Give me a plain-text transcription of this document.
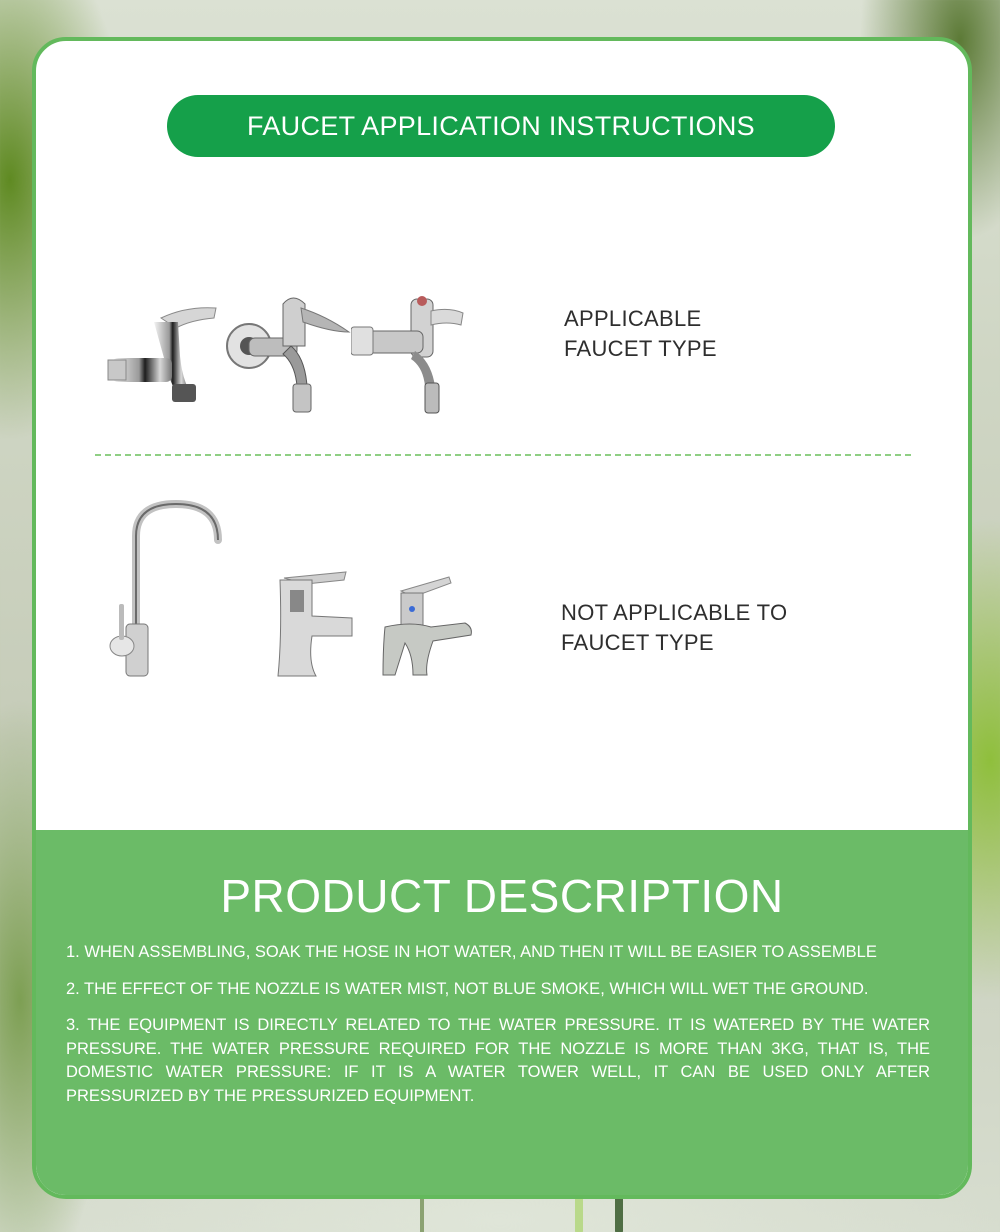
FAUCET APPLICATION INSTRUCTIONS
APPLICABLE
FAUCET TYPE
NOT APPLICABLE TO
FAUCET TYPE
PRODUCT DESCRIPTION

1. WHEN ASSEMBLING, SOAK THE HOSE IN HOT WATER, AND THEN IT WILL BE EASIER TO ASSEMBLE

2. THE EFFECT OF THE NOZZLE IS WATER MIST, NOT BLUE SMOKE, WHICH WILL WET THE GROUND.

3. THE EQUIPMENT IS DIRECTLY RELATED TO THE WATER PRESSURE. IT IS WATERED BY THE WATER PRESSURE. THE WATER PRESSURE REQUIRED FOR THE NOZZLE IS MORE THAN 3KG, THAT IS, THE DOMESTIC WATER PRESSURE: IF IT IS A WATER TOWER WELL, IT CAN BE USED ONLY AFTER PRESSURIZED BY THE PRESSURIZED EQUIPMENT.
